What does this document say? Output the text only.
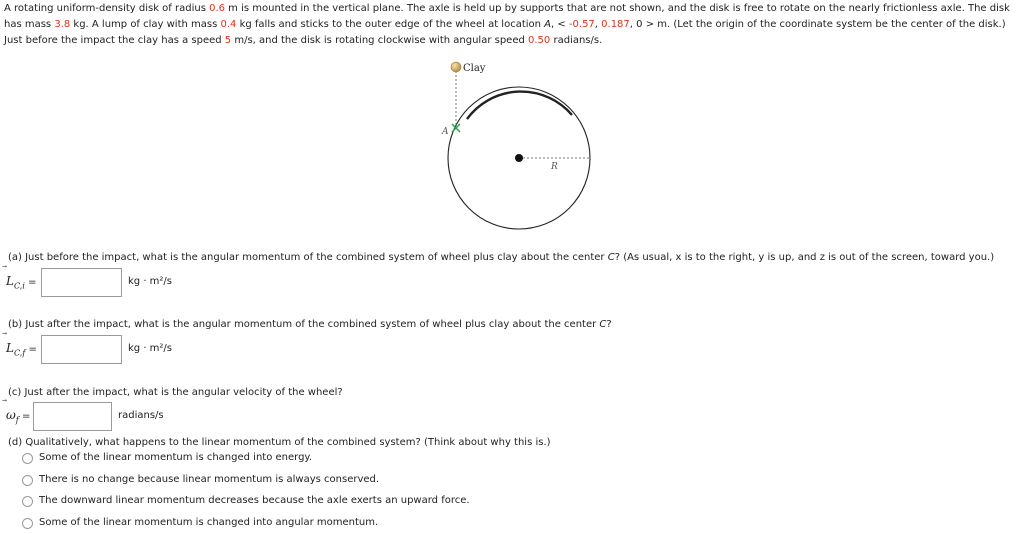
A rotating uniform-density disk of radius 0.6 m is mounted in the vertical plane. The axle is held up by supports that are not shown, and the disk is free to rotate on the nearly frictionless axle. The disk has mass 3.8 kg. A lump of clay with mass 0.4 kg falls and sticks to the outer edge of the wheel at location A, < -0.57, 0.187, 0 > m. (Let the origin of the coordinate system be the center of the disk.) Just before the impact the clay has a speed 5 m/s, and the disk is rotating clockwise with angular speed 0.50 radians/s.
Clay
A
R
(a) Just before the impact, what is the angular momentum of the combined system of wheel plus clay about the center C? (As usual, x is to the right, y is up, and z is out of the screen, toward you.)
$L_{C,i}$ =	kg · m²/s
(b) Just after the impact, what is the angular momentum of the combined system of wheel plus clay about the center C?
$L_{C,f}$ =	kg · m²/s
(c) Just after the impact, what is the angular velocity of the wheel?
$\omega_f$ =	radians/s
(d) Qualitatively, what happens to the linear momentum of the combined system? (Think about why this is.)
Some of the linear momentum is changed into energy.
There is no change because linear momentum is always conserved.
The downward linear momentum decreases because the axle exerts an upward force.
Some of the linear momentum is changed into angular momentum.
